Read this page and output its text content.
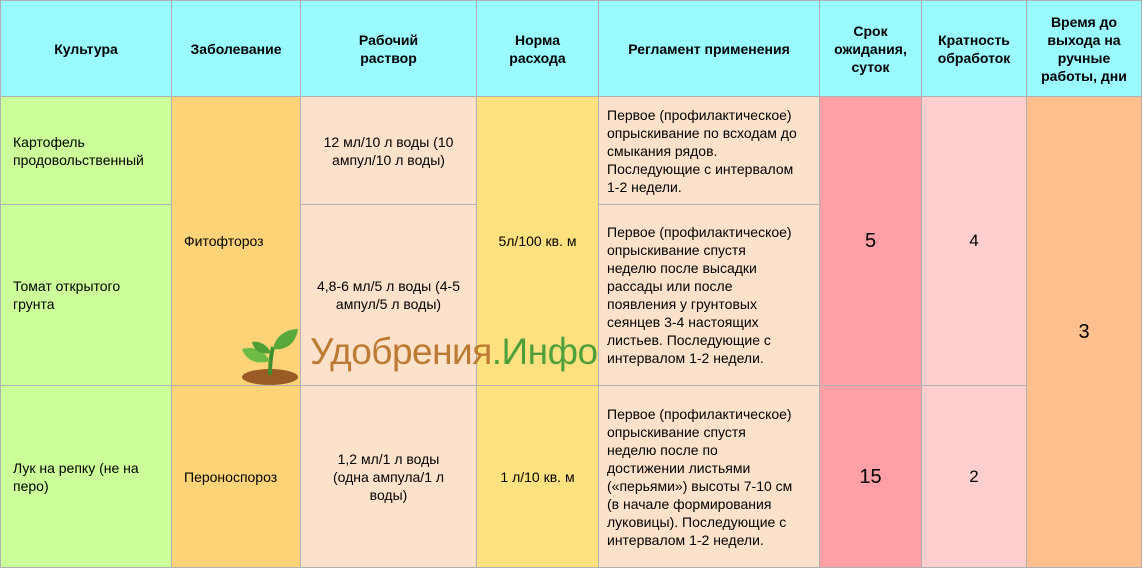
Культура	Заболевание	Рабочий раствор	Норма расхода	Регламент применения	Срок ожидания, суток	Кратность обработок	Время до выхода на ручные работы, дни
Картофель продовольственный	Фитофтороз	12 мл/10 л воды (10 ампул/10 л воды)	5л/100 кв. м	Первое (профилактическое) опрыскивание по всходам до смыкания рядов. Последующие с интервалом 1-2 недели.	5	4	3
Томат открытого грунта		4,8-6 мл/5 л воды (4-5 ампул/5 л воды)		Первое (профилактическое) опрыскивание спустя неделю после высадки рассады или после появления у грунтовых сеянцев 3-4 настоящих листьев. Последующие с интервалом 1-2 недели.			
Лук на репку (не на перо)	Пероноспороз	1,2 мл/1 л воды (одна ампула/1 л воды)	1 л/10 кв. м	Первое (профилактическое) опрыскивание спустя неделю после по достижении листьями («перьями») высоты 7-10 см (в начале формирования луковицы). Последующие с интервалом 1-2 недели.	15	2	
Удобрения.Инфо
